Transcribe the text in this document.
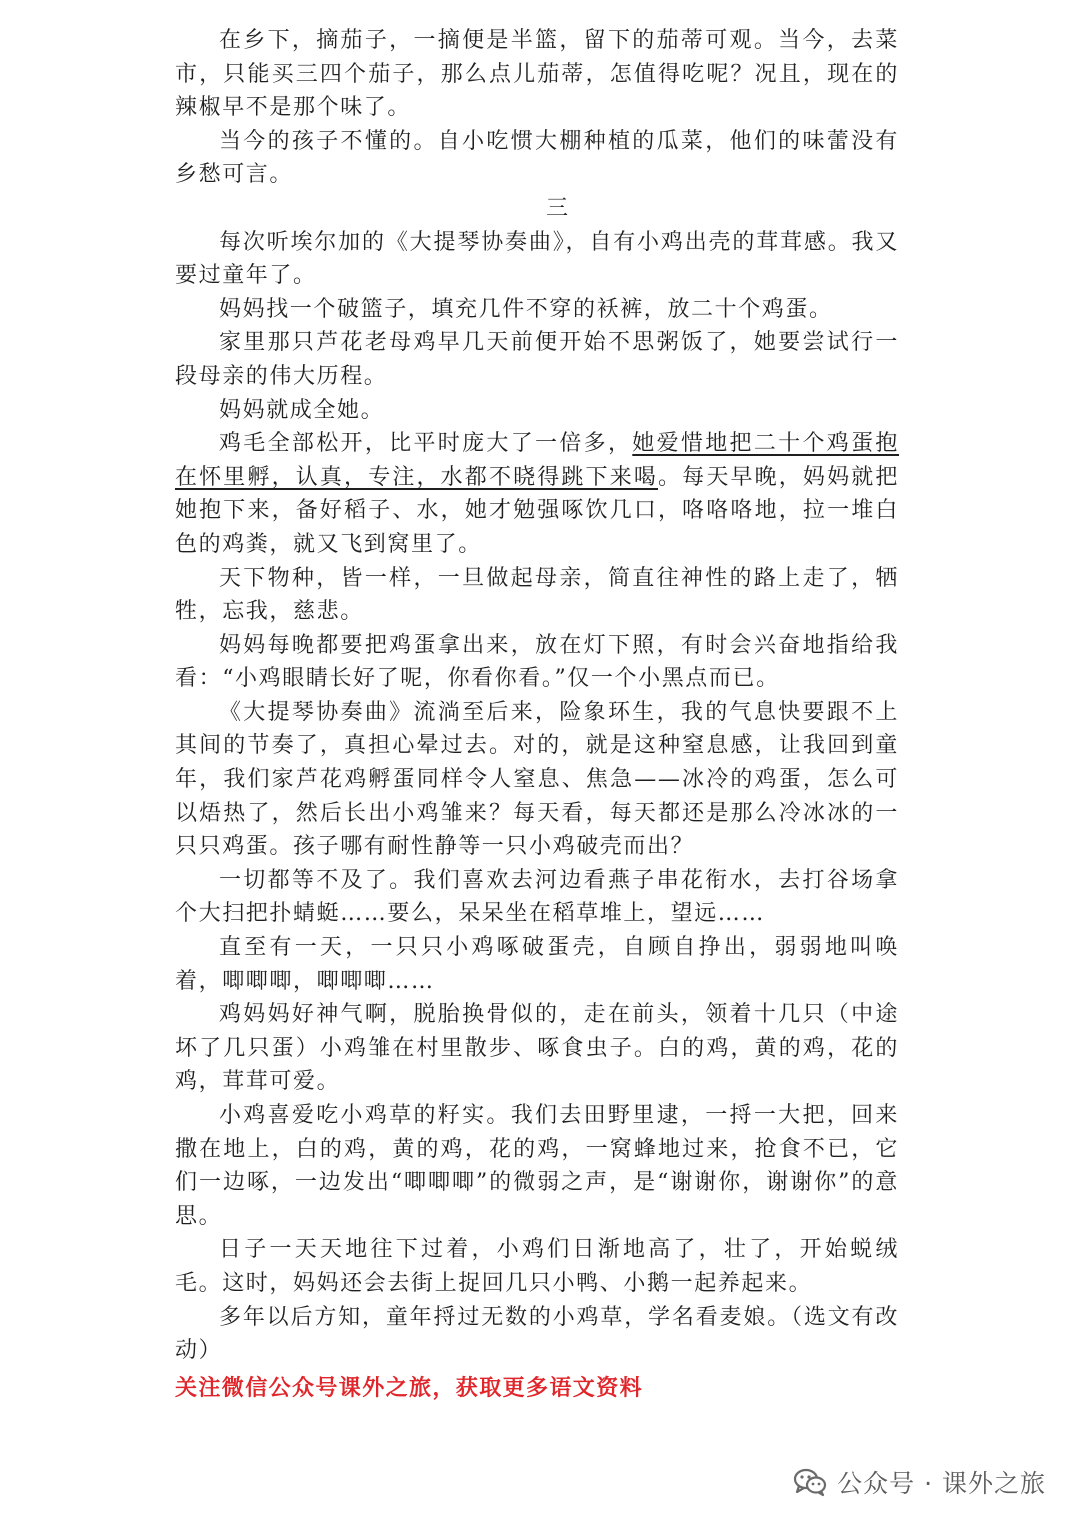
在乡下，摘茄子，一摘便是半篮，留下的茄蒂可观。当今，去菜市，只能买三四个茄子，那么点儿茄蒂，怎值得吃呢？况且，现在的辣椒早不是那个味了。

当今的孩子不懂的。自小吃惯大棚种植的瓜菜，他们的味蕾没有乡愁可言。

三

每次听埃尔加的《大提琴协奏曲》，自有小鸡出壳的茸茸感。我又要过童年了。

妈妈找一个破篮子，填充几件不穿的袄裤，放二十个鸡蛋。

家里那只芦花老母鸡早几天前便开始不思粥饭了，她要尝试行一段母亲的伟大历程。

妈妈就成全她。

鸡毛全部松开，比平时庞大了一倍多，她爱惜地把二十个鸡蛋抱在怀里孵，认真，专注，水都不晓得跳下来喝。每天早晚，妈妈就把她抱下来，备好稻子、水，她才勉强啄饮几口，咯咯咯地，拉一堆白色的鸡粪，就又飞到窝里了。

天下物种，皆一样，一旦做起母亲，简直往神性的路上走了，牺牲，忘我，慈悲。

妈妈每晚都要把鸡蛋拿出来，放在灯下照，有时会兴奋地指给我看：“小鸡眼睛长好了呢，你看你看。”仅一个小黑点而已。

《大提琴协奏曲》流淌至后来，险象环生，我的气息快要跟不上其间的节奏了，真担心晕过去。对的，就是这种窒息感，让我回到童年，我们家芦花鸡孵蛋同样令人窒息、焦急——冰冷的鸡蛋，怎么可以焐热了，然后长出小鸡雏来？每天看，每天都还是那么冷冰冰的一只只鸡蛋。孩子哪有耐性静等一只小鸡破壳而出？

一切都等不及了。我们喜欢去河边看燕子串花衔水，去打谷场拿个大扫把扑蜻蜓……要么，呆呆坐在稻草堆上，望远……

直至有一天，一只只小鸡啄破蛋壳，自顾自挣出，弱弱地叫唤着，唧唧唧，唧唧唧……

鸡妈妈好神气啊，脱胎换骨似的，走在前头，领着十几只（中途坏了几只蛋）小鸡雏在村里散步、啄食虫子。白的鸡，黄的鸡，花的鸡，茸茸可爱。

小鸡喜爱吃小鸡草的籽实。我们去田野里逮，一捋一大把，回来撒在地上，白的鸡，黄的鸡，花的鸡，一窝蜂地过来，抢食不已，它们一边啄，一边发出“唧唧唧”的微弱之声，是“谢谢你，谢谢你”的意思。

日子一天天地往下过着，小鸡们日渐地高了，壮了，开始蜕绒毛。这时，妈妈还会去街上捉回几只小鸭、小鹅一起养起来。

多年以后方知，童年捋过无数的小鸡草，学名看麦娘。（选文有改动）

关注微信公众号课外之旅，获取更多语文资料

公众号 · 课外之旅
